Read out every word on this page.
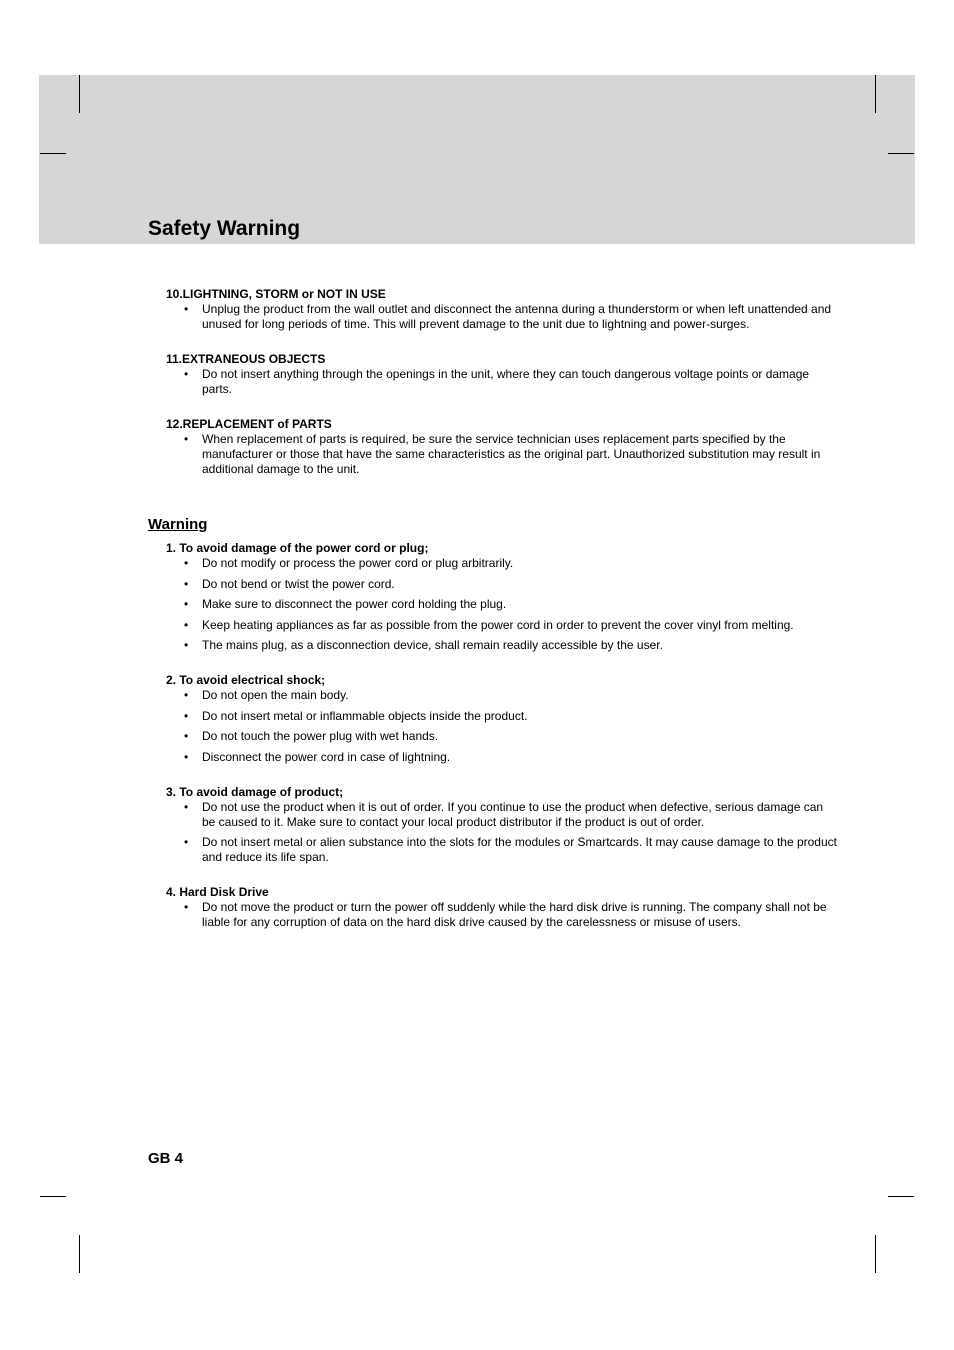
Safety Warning

10.LIGHTNING, STORM or NOT IN USE

• Unplug the product from the wall outlet and disconnect the antenna during a thunderstorm or when left unattended and unused for long periods of time. This will prevent damage to the unit due to lightning and power-surges.

11.EXTRANEOUS OBJECTS

• Do not insert anything through the openings in the unit, where they can touch dangerous voltage points or damage parts.

12.REPLACEMENT of PARTS

• When replacement of parts is required, be sure the service technician uses replacement parts specified by the manufacturer or those that have the same characteristics as the original part. Unauthorized substitution may result in additional damage to the unit.
Warning

1. To avoid damage of the power cord or plug;

• Do not modify or process the power cord or plug arbitrarily.
• Do not bend or twist the power cord.
• Make sure to disconnect the power cord holding the plug.
• Keep heating appliances as far as possible from the power cord in order to prevent the cover vinyl from melting.
• The mains plug, as a disconnection device, shall remain readily accessible by the user.

2. To avoid electrical shock;

• Do not open the main body.
• Do not insert metal or inflammable objects inside the product.
• Do not touch the power plug with wet hands.
• Disconnect the power cord in case of lightning.

3. To avoid damage of product;

• Do not use the product when it is out of order. If you continue to use the product when defective, serious damage can be caused to it. Make sure to contact your local product distributor if the product is out of order.
• Do not insert metal or alien substance into the slots for the modules or Smartcards. It may cause damage to the product and reduce its life span.

4. Hard Disk Drive

• Do not move the product or turn the power off suddenly while the hard disk drive is running. The company shall not be liable for any corruption of data on the hard disk drive caused by the carelessness or misuse of users.
GB 4
